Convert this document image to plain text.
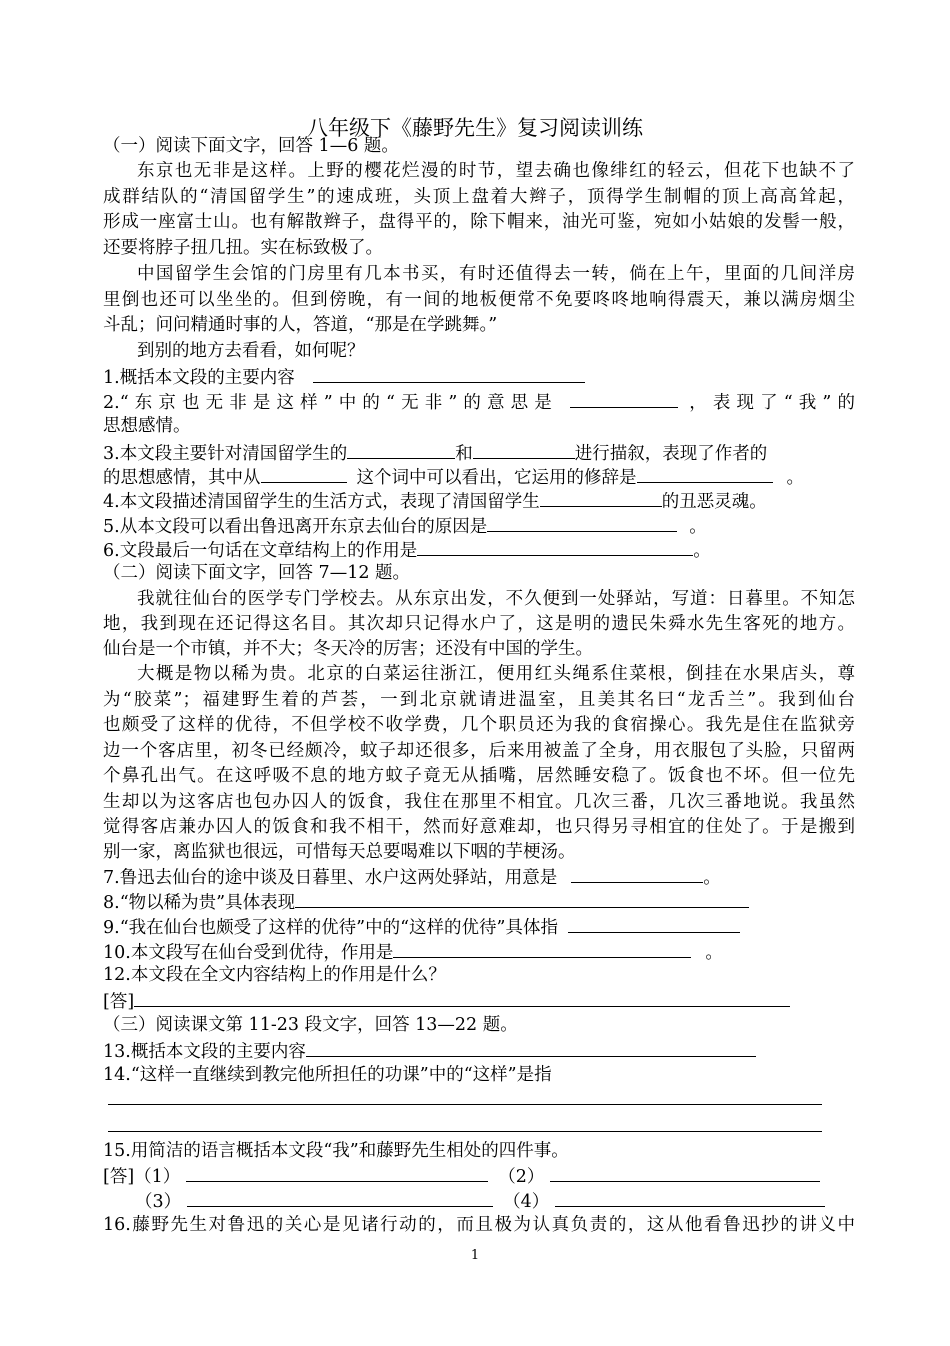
八年级下《藤野先生》复习阅读训练
（一）阅读下面文字，回答 1—6 题。
东京也无非是这样。上野的樱花烂漫的时节，望去确也像绯红的轻云，但花下也缺不了
成群结队的“清国留学生”的速成班，头顶上盘着大辫子，顶得学生制帽的顶上高高耸起，
形成一座富士山。也有解散辫子，盘得平的，除下帽来，油光可鉴，宛如小姑娘的发髻一般，
还要将脖子扭几扭。实在标致极了。
中国留学生会馆的门房里有几本书买，有时还值得去一转，倘在上午，里面的几间洋房
里倒也还可以坐坐的。但到傍晚，有一间的地板便常不免要咚咚地响得震天，兼以满房烟尘
斗乱；问问精通时事的人，答道，“那是在学跳舞。”
到别的地方去看看，如何呢？
1.概括本文段的主要内容
2.“东京也无非是这样”中的“无非”的意思是	，表现了“我”的
思想感情。
3.本文段主要针对清国留学生的	和	进行描叙，表现了作者的
的思想感情，其中从	这个词中可以看出，它运用的修辞是	。
4.本文段描述清国留学生的生活方式，表现了清国留学生	的丑恶灵魂。
5.从本文段可以看出鲁迅离开东京去仙台的原因是	。
6.文段最后一句话在文章结构上的作用是	。
（二）阅读下面文字，回答 7—12 题。
我就往仙台的医学专门学校去。从东京出发，不久便到一处驿站，写道：日暮里。不知怎
地，我到现在还记得这名目。其次却只记得水户了，这是明的遗民朱舜水先生客死的地方。
仙台是一个市镇，并不大；冬天冷的厉害；还没有中国的学生。
大概是物以稀为贵。北京的白菜运往浙江，便用红头绳系住菜根，倒挂在水果店头，尊
为“胶菜”；福建野生着的芦荟，一到北京就请进温室，且美其名曰“龙舌兰”。我到仙台
也颇受了这样的优待，不但学校不收学费，几个职员还为我的食宿操心。我先是住在监狱旁
边一个客店里，初冬已经颇冷，蚊子却还很多，后来用被盖了全身，用衣服包了头脸，只留两
个鼻孔出气。在这呼吸不息的地方蚊子竟无从插嘴，居然睡安稳了。饭食也不坏。但一位先
生却以为这客店也包办囚人的饭食，我住在那里不相宜。几次三番，几次三番地说。我虽然
觉得客店兼办囚人的饭食和我不相干，然而好意难却，也只得另寻相宜的住处了。于是搬到
别一家，离监狱也很远，可惜每天总要喝难以下咽的芋梗汤。
7.鲁迅去仙台的途中谈及日暮里、水户这两处驿站，用意是	。
8.“物以稀为贵”具体表现
9.“我在仙台也颇受了这样的优待”中的“这样的优待”具体指
10.本文段写在仙台受到优待，作用是	。
12.本文段在全文内容结构上的作用是什么？
[答]
（三）阅读课文第 11-23 段文字，回答 13—22 题。
13.概括本文段的主要内容
14.“这样一直继续到教完他所担任的功课”中的“这样”是指
15.用简洁的语言概括本文段“我”和藤野先生相处的四件事。
[答]（1）	（2）
（3）	（4）
16.藤野先生对鲁迅的关心是见诸行动的，而且极为认真负责的，这从他看鲁迅抄的讲义中
1
